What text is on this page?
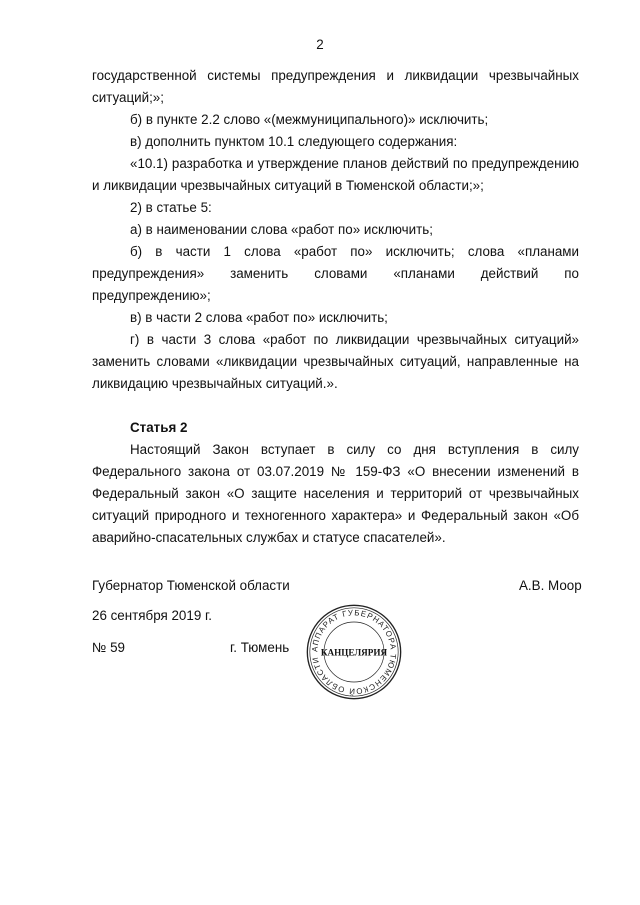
2

государственной системы предупреждения и ликвидации чрезвычайных ситуаций;»;

б) в пункте 2.2 слово «(межмуниципального)» исключить;

в) дополнить пунктом 10.1 следующего содержания:

«10.1) разработка и утверждение планов действий по предупреждению и ликвидации чрезвычайных ситуаций в Тюменской области;»;

2) в статье 5:

а) в наименовании слова «работ по» исключить;

б) в части 1 слова «работ по» исключить; слова «планами предупреждения» заменить словами «планами действий по предупреждению»;

в) в части 2 слова «работ по» исключить;

г) в части 3 слова «работ по ликвидации чрезвычайных ситуаций» заменить словами «ликвидации чрезвычайных ситуаций, направленные на ликвидацию чрезвычайных ситуаций.».

Статья 2

Настоящий Закон вступает в силу со дня вступления в силу Федерального закона от 03.07.2019 № 159-ФЗ «О внесении изменений в Федеральный закон «О защите населения и территорий от чрезвычайных ситуаций природного и техногенного характера» и Федеральный закон «Об аварийно-спасательных службах и статусе спасателей».

Губернатор Тюменской области	А.В. Моор
26 сентября 2019 г.
№ 59	г. Тюмень АППАРАТ ГУБЕРНАТОРА ТЮМЕНСКОЙ ОБЛАСТИ
КАНЦЕЛЯРИЯ
